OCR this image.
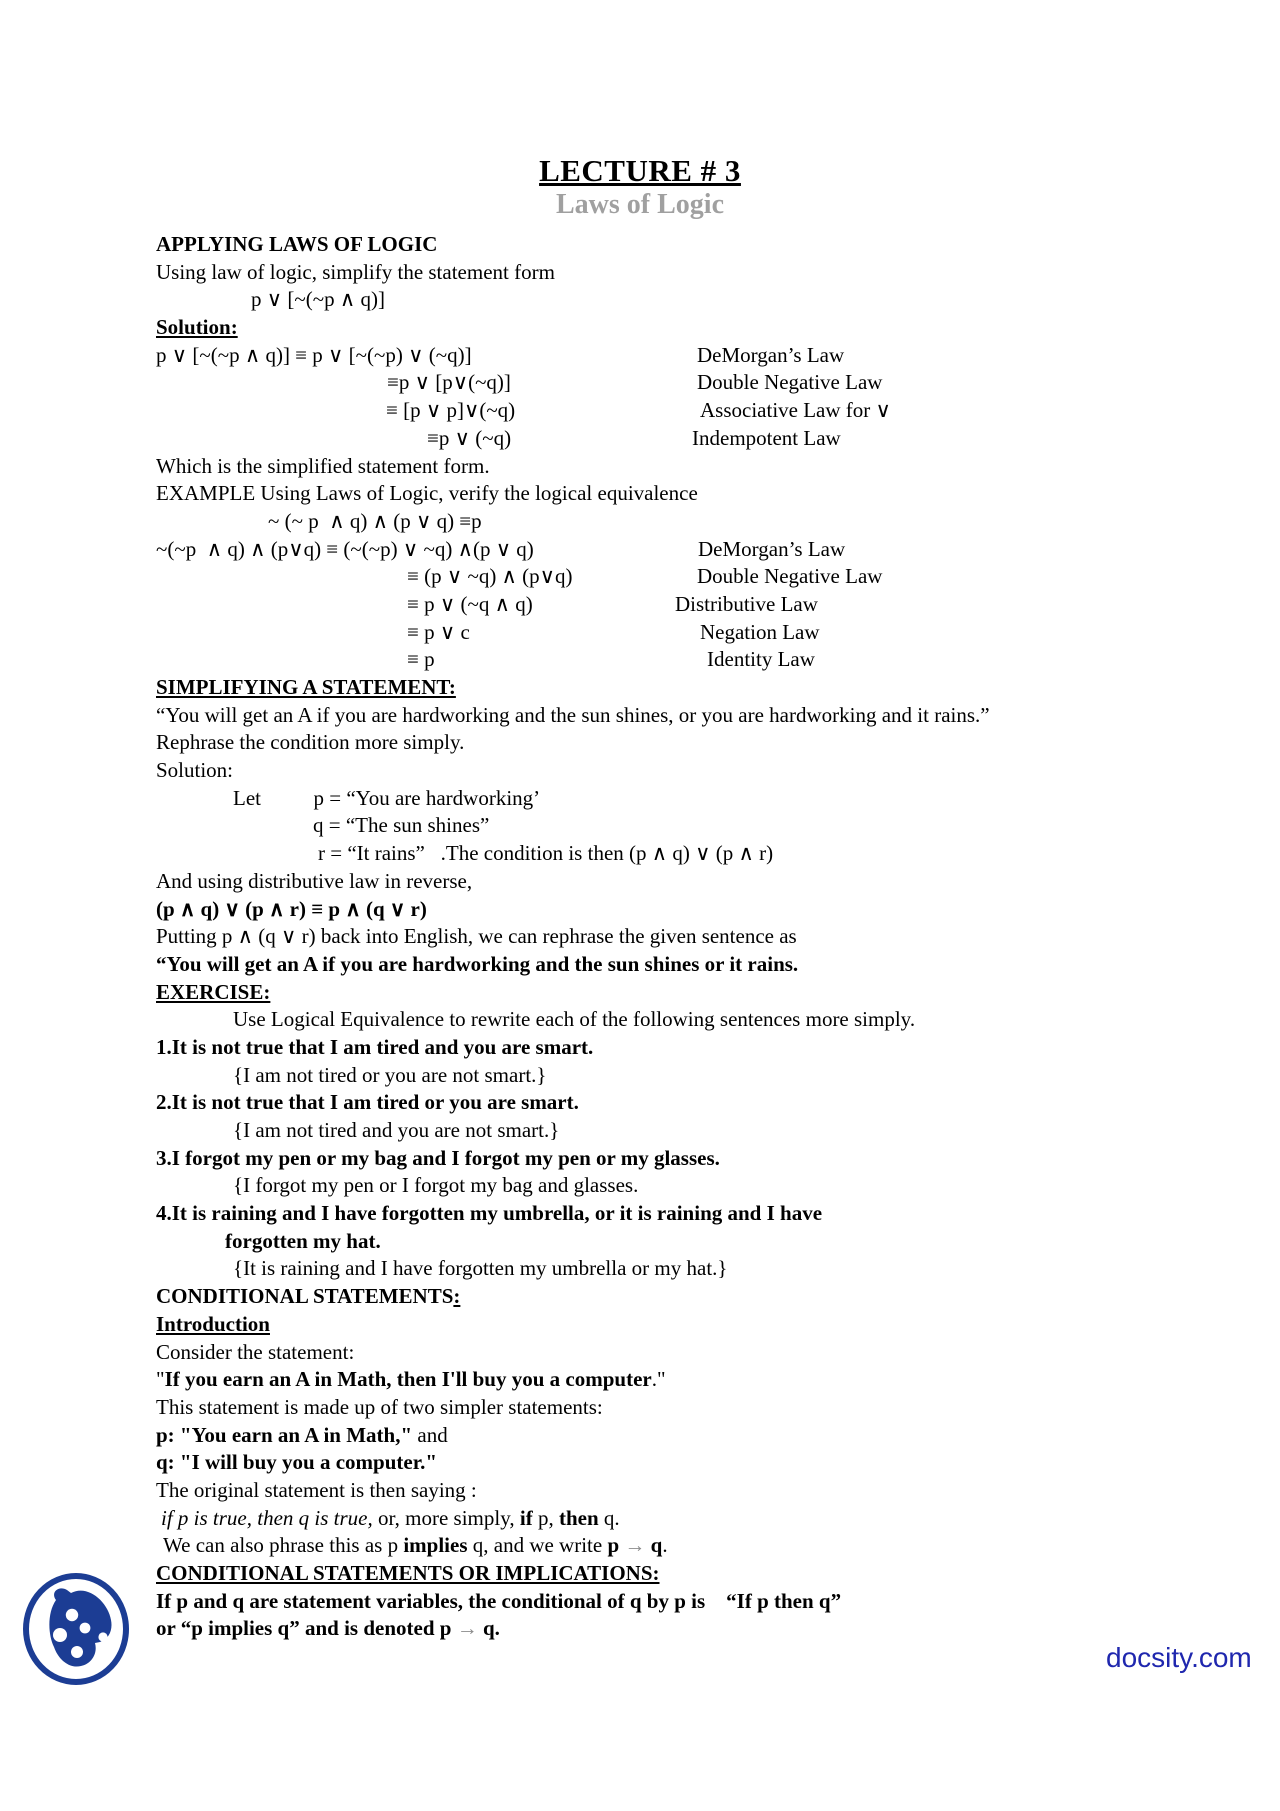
LECTURE # 3
Laws of Logic
APPLYING LAWS OF LOGIC
Using law of logic, simplify the statement form
p ∨ [~(~p ∧ q)]
Solution:
p ∨ [~(~p ∧ q)] ≡ p ∨ [~(~p) ∨ (~q)]	DeMorgan’s Law
≡p ∨ [p∨(~q)]	Double Negative Law
≡ [p ∨ p]∨(~q)	Associative Law for ∨
≡p ∨ (~q)	Indempotent Law
Which is the simplified statement form.
EXAMPLE Using Laws of Logic, verify the logical equivalence
~ (~ p  ∧ q) ∧ (p ∨ q) ≡p
~(~p  ∧ q) ∧ (p∨q) ≡ (~(~p) ∨ ~q) ∧(p ∨ q)	DeMorgan’s Law
≡ (p ∨ ~q) ∧ (p∨q)	Double Negative Law
≡ p ∨ (~q ∧ q)	Distributive Law
≡ p ∨ c	Negation Law
≡ p	Identity Law
SIMPLIFYING A STATEMENT:
“You will get an A if you are hardworking and the sun shines, or you are hardworking and it rains.”
Rephrase the condition more simply.
Solution:
Let          p = “You are hardworking’
q = “The sun shines”
r = “It rains”   .The condition is then (p ∧ q) ∨ (p ∧ r)
And using distributive law in reverse,
(p ∧ q) ∨ (p ∧ r) ≡ p ∧ (q ∨ r)
Putting p ∧ (q ∨ r) back into English, we can rephrase the given sentence as
“You will get an A if you are hardworking and the sun shines or it rains.
EXERCISE:
Use Logical Equivalence to rewrite each of the following sentences more simply.
1.It is not true that I am tired and you are smart.
{I am not tired or you are not smart.}
2.It is not true that I am tired or you are smart.
{I am not tired and you are not smart.}
3.I forgot my pen or my bag and I forgot my pen or my glasses.
{I forgot my pen or I forgot my bag and glasses.
4.It is raining and I have forgotten my umbrella, or it is raining and I have
forgotten my hat.
{It is raining and I have forgotten my umbrella or my hat.}
CONDITIONAL STATEMENTS:
Introduction
Consider the statement:
"If you earn an A in Math, then I'll buy you a computer."
This statement is made up of two simpler statements:
p: "You earn an A in Math," and
q: "I will buy you a computer."
The original statement is then saying :
if p is true, then q is true, or, more simply, if p, then q.
We can also phrase this as p implies q, and we write p → q.
CONDITIONAL STATEMENTS OR IMPLICATIONS:
If p and q are statement variables, the conditional of q by p is    “If p then q”
or “p implies q” and is denoted p → q.
docsity.com
